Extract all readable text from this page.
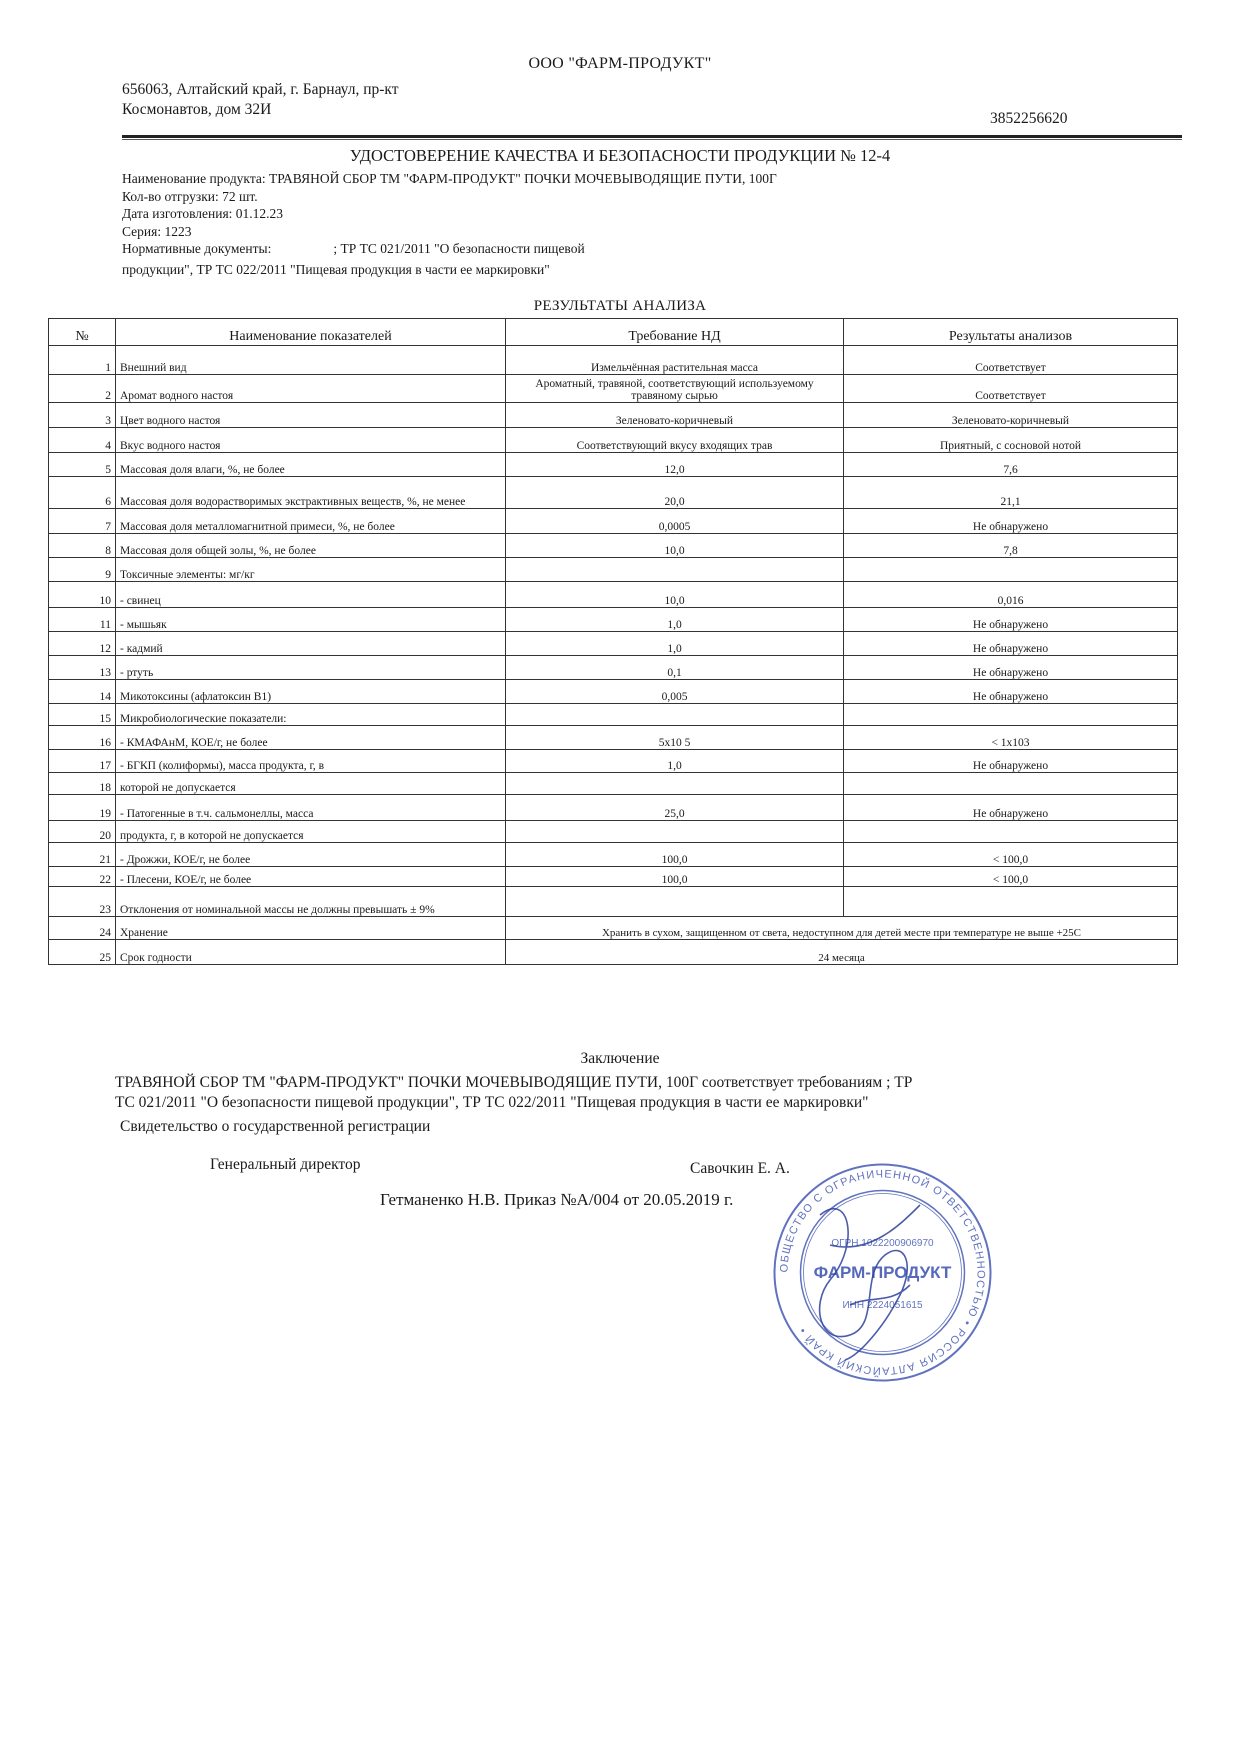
ООО "ФАРМ-ПРОДУКТ"
656063, Алтайский край, г. Барнаул, пр-кт
Космонавтов, дом 32И
3852256620
УДОСТОВЕРЕНИЕ КАЧЕСТВА И БЕЗОПАСНОСТИ ПРОДУКЦИИ № 12-4
Наименование продукта: ТРАВЯНОЙ СБОР ТМ "ФАРМ-ПРОДУКТ" ПОЧКИ МОЧЕВЫВОДЯЩИЕ ПУТИ, 100Г
Кол-во отгрузки: 72 шт.
Дата изготовления: 01.12.23
Серия: 1223
Нормативные документы:	; ТР ТС 021/2011 "О безопасности пищевой
продукции", ТР ТС 022/2011 "Пищевая продукция в части ее маркировки"
РЕЗУЛЬТАТЫ АНАЛИЗА
№	Наименование показателей	Требование НД	Результаты анализов
1	Внешний вид	Измельчённая растительная масса	Соответствует
2	Аромат водного настоя	Ароматный, травяной, соответствующий используемому травяному сырью	Соответствует
3	Цвет водного настоя	Зеленовато-коричневый	Зеленовато-коричневый
4	Вкус водного настоя	Соответствующий вкусу входящих трав	Приятный, с сосновой нотой
5	Массовая доля влаги, %, не более	12,0	7,6
6	Массовая доля водорастворимых экстрактивных веществ, %, не менее	20,0	21,1
7	Массовая доля металломагнитной примеси, %, не более	0,0005	Не обнаружено
8	Массовая доля общей золы, %, не более	10,0	7,8
9	Токсичные элементы: мг/кг		
10	- свинец	10,0	0,016
11	- мышьяк	1,0	Не обнаружено
12	- кадмий	1,0	Не обнаружено
13	- ртуть	0,1	Не обнаружено
14	Микотоксины (афлатоксин В1)	0,005	Не обнаружено
15	Микробиологические показатели:		
16	- КМАФАнМ, КОЕ/г, не более	5х10 5	< 1х103
17	- БГКП (колиформы), масса продукта, г, в	1,0	Не обнаружено
18	которой не допускается		
19	- Патогенные в т.ч. сальмонеллы, масса	25,0	Не обнаружено
20	продукта, г, в которой не допускается		
21	- Дрожжи, КОЕ/г, не более	100,0	< 100,0
22	- Плесени, КОЕ/г, не более	100,0	< 100,0
23	Отклонения от номинальной массы не должны превышать ± 9%		
24	Хранение	Хранить в сухом, защищенном от света, недоступном для детей месте при температуре не выше +25С	
25	Срок годности	24 месяца	
Заключение
ТРАВЯНОЙ СБОР ТМ "ФАРМ-ПРОДУКТ" ПОЧКИ МОЧЕВЫВОДЯЩИЕ ПУТИ, 100Г соответствует требованиям ; ТР
ТС 021/2011 "О безопасности пищевой продукции", ТР ТС 022/2011 "Пищевая продукция в части ее маркировки"
Свидетельство о государственной регистрации
Генеральный директор	Савочкин Е. А.
Гетманенко Н.В. Приказ №А/004 от 20.05.2019 г.
ОБЩЕСТВО С ОГРАНИЧЕННОЙ ОТВЕТСТВЕННОСТЬЮ • РОССИЯ АЛТАЙСКИЙ КРАЙ •
ОГРН 1022200906970
ФАРМ-ПРОДУКТ
ИНН 2224051615
